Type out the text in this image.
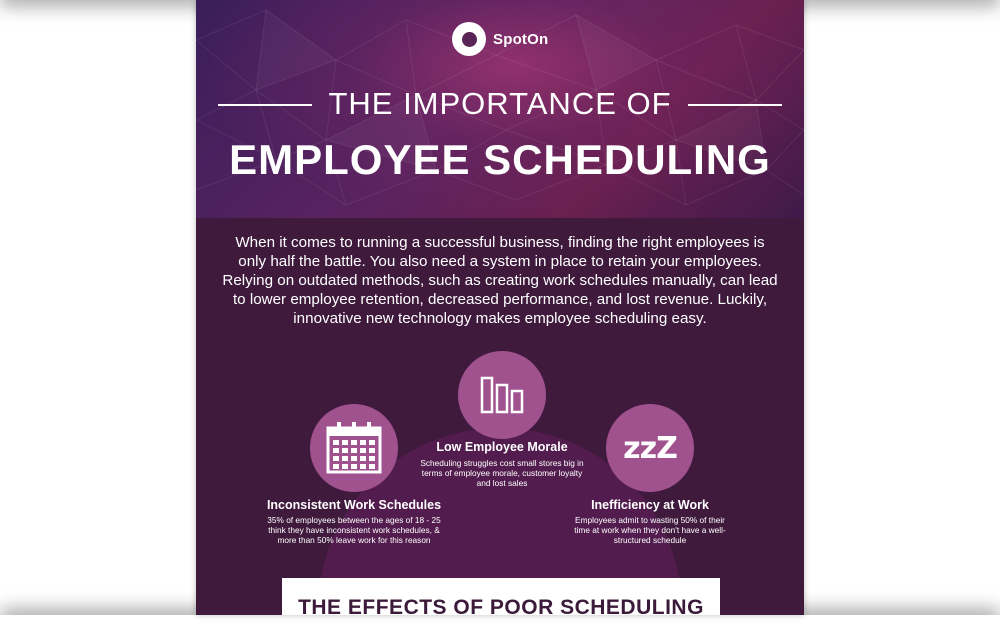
SpotOn
THE IMPORTANCE OF
EMPLOYEE SCHEDULING
When it comes to running a successful business, finding the right employees is only half the battle. You also need a system in place to retain your employees. Relying on outdated methods, such as creating work schedules manually, can lead to lower employee retention, decreased performance, and lost revenue. Luckily, innovative new technology makes employee scheduling easy.
Inconsistent Work Schedules
35% of employees between the ages of 18 - 25 think they have inconsistent work schedules, & more than 50% leave work for this reason
Low Employee Morale
Scheduling struggles cost small stores big in terms of employee morale, customer loyalty and lost sales
zzZ
Inefficiency at Work
Employees admit to wasting 50% of their time at work when they don't have a well-structured schedule
THE EFFECTS OF POOR SCHEDULING
